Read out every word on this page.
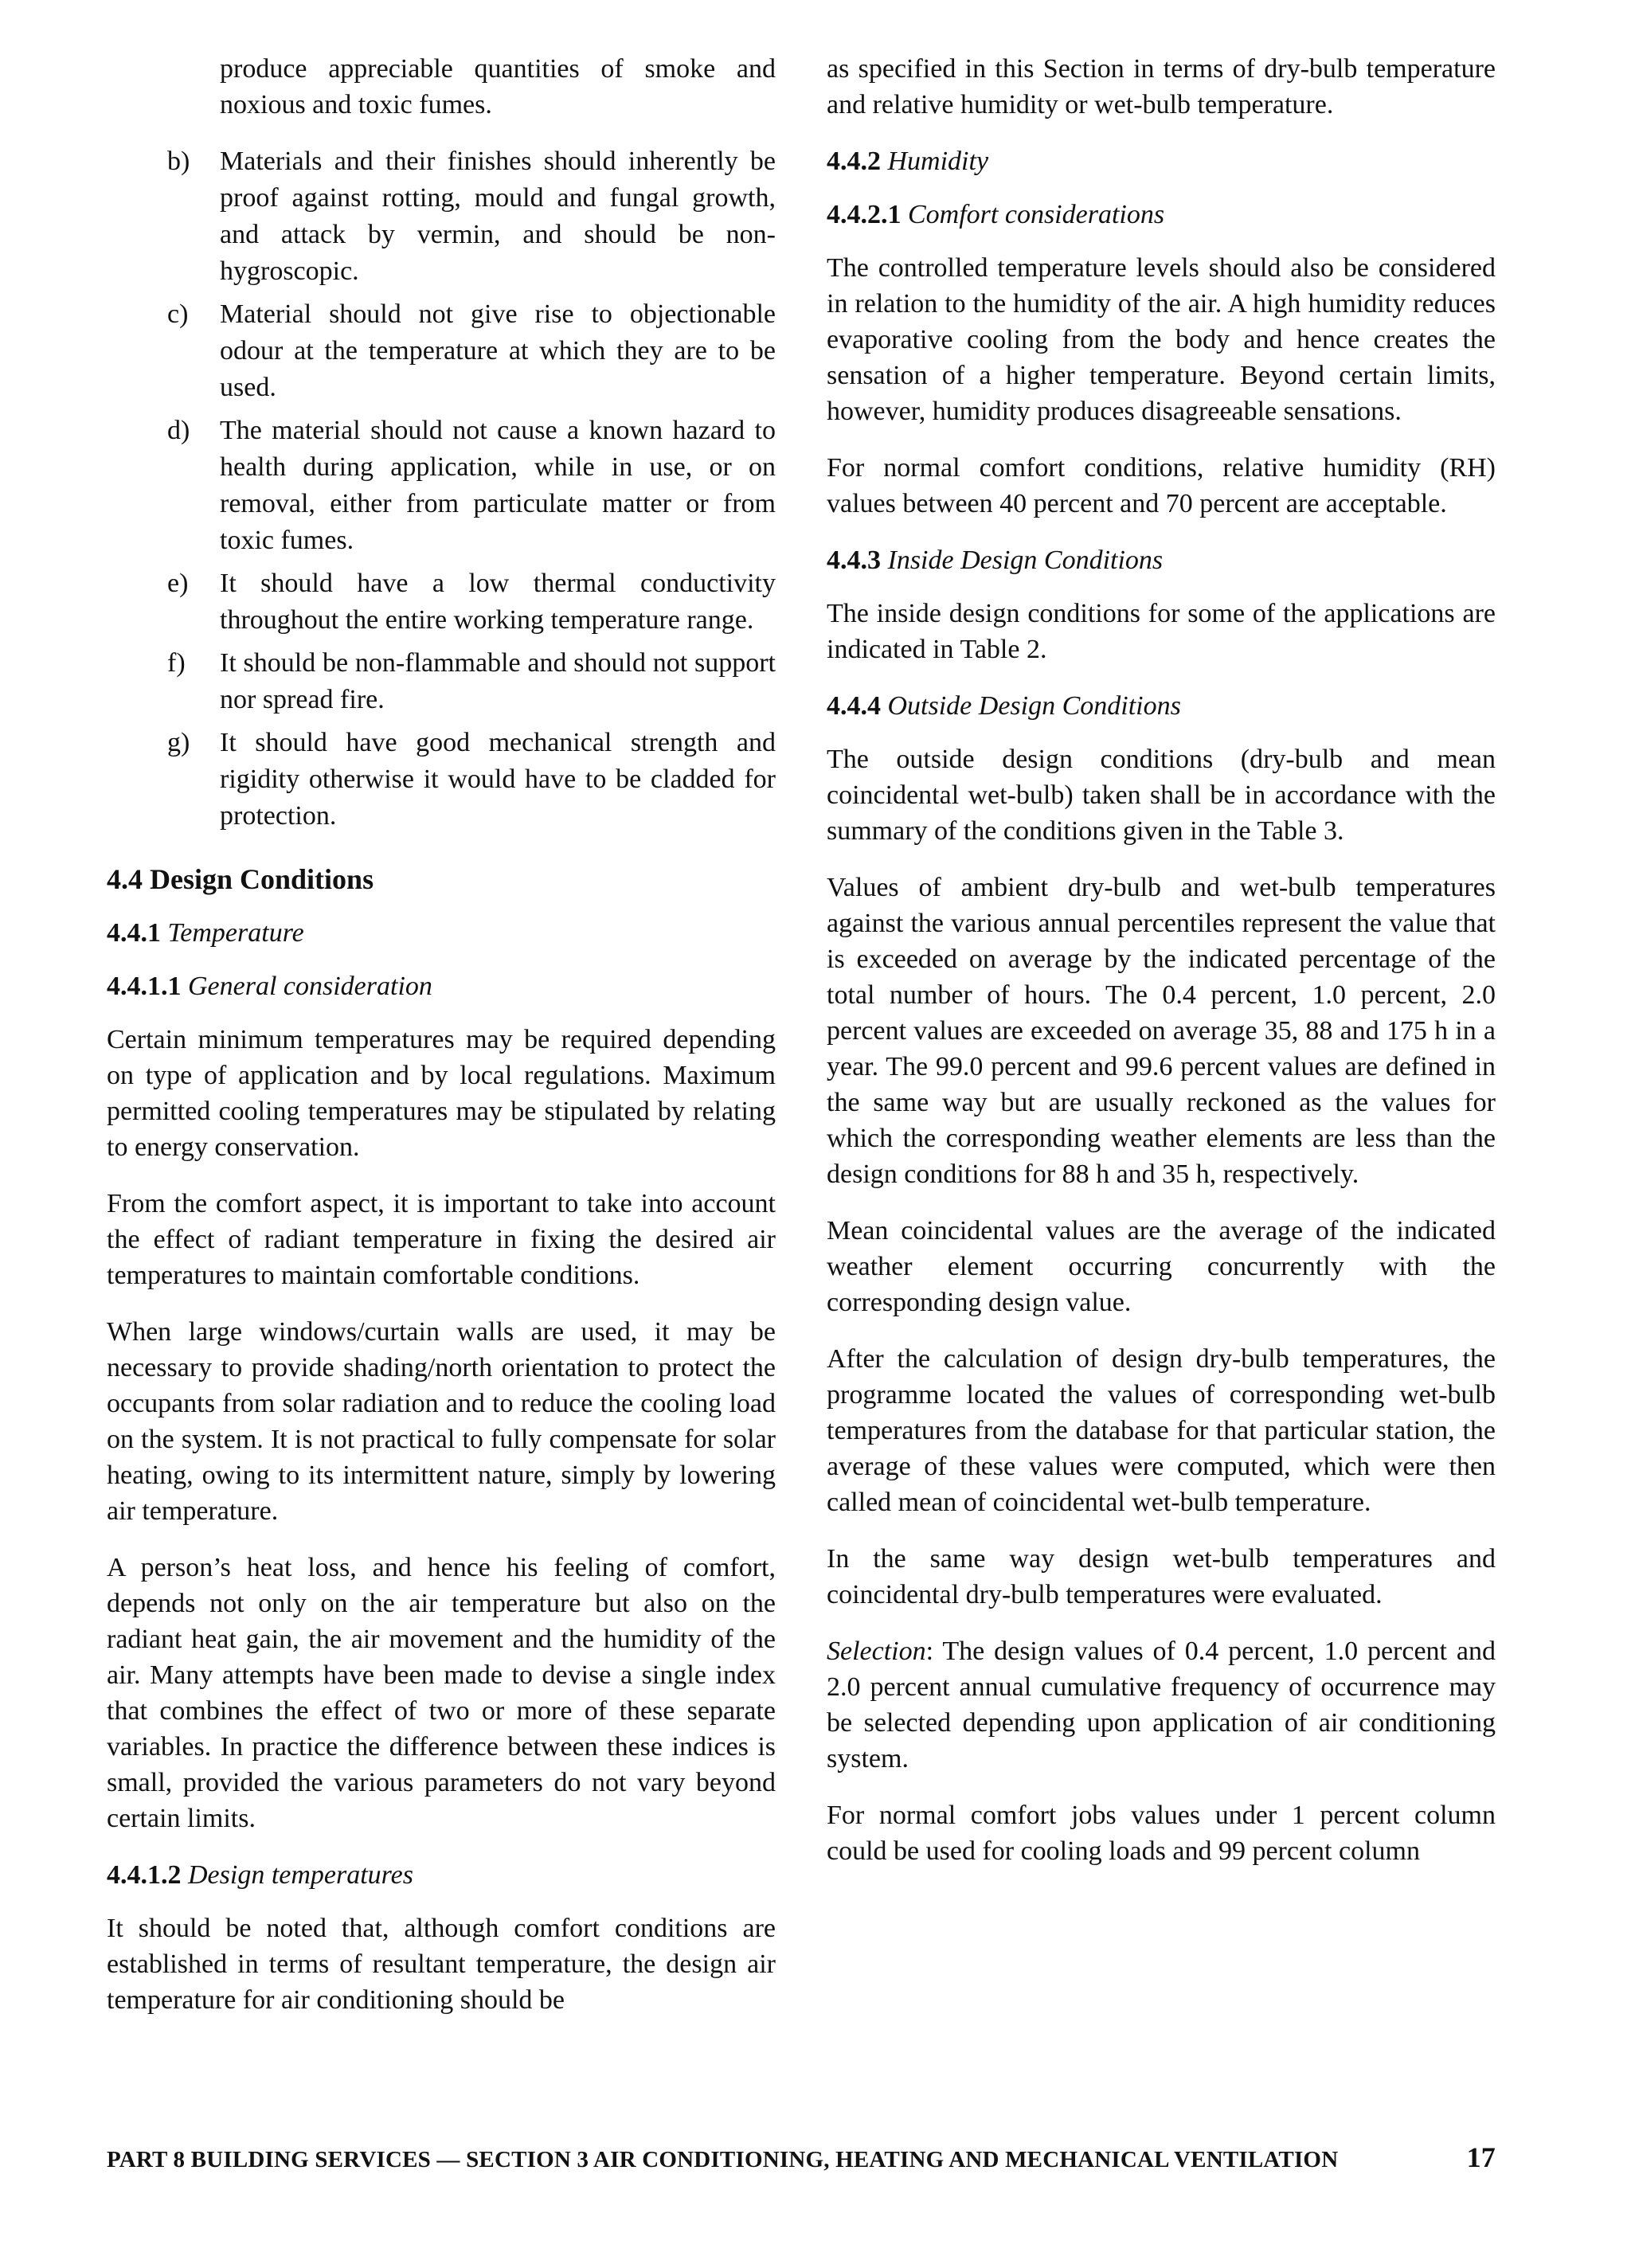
produce appreciable quantities of smoke and noxious and toxic fumes.

b)	Materials and their finishes should inherently be proof against rotting, mould and fungal growth, and attack by vermin, and should be non-hygroscopic.
c)	Material should not give rise to objectionable odour at the temperature at which they are to be used.
d)	The material should not cause a known hazard to health during application, while in use, or on removal, either from particulate matter or from toxic fumes.
e)	It should have a low thermal conductivity throughout the entire working temperature range.
f)	It should be non-flammable and should not support nor spread fire.
g)	It should have good mechanical strength and rigidity otherwise it would have to be cladded for protection.
4.4 Design Conditions
4.4.1 Temperature
4.4.1.1 General consideration

Certain minimum temperatures may be required depending on type of application and by local regulations. Maximum permitted cooling temperatures may be stipulated by relating to energy conservation.

From the comfort aspect, it is important to take into account the effect of radiant temperature in fixing the desired air temperatures to maintain comfortable conditions.

When large windows/curtain walls are used, it may be necessary to provide shading/north orientation to protect the occupants from solar radiation and to reduce the cooling load on the system. It is not practical to fully compensate for solar heating, owing to its intermittent nature, simply by lowering air temperature.

A person’s heat loss, and hence his feeling of comfort, depends not only on the air temperature but also on the radiant heat gain, the air movement and the humidity of the air. Many attempts have been made to devise a single index that combines the effect of two or more of these separate variables. In practice the difference between these indices is small, provided the various parameters do not vary beyond certain limits.

4.4.1.2 Design temperatures

It should be noted that, although comfort conditions are established in terms of resultant temperature, the design air temperature for air conditioning should be

as specified in this Section in terms of dry-bulb temperature and relative humidity or wet-bulb temperature.

4.4.2 Humidity
4.4.2.1 Comfort considerations

The controlled temperature levels should also be considered in relation to the humidity of the air. A high humidity reduces evaporative cooling from the body and hence creates the sensation of a higher temperature. Beyond certain limits, however, humidity produces disagreeable sensations.

For normal comfort conditions, relative humidity (RH) values between 40 percent and 70 percent are acceptable.

4.4.3 Inside Design Conditions

The inside design conditions for some of the applications are indicated in Table 2.

4.4.4 Outside Design Conditions

The outside design conditions (dry-bulb and mean coincidental wet-bulb) taken shall be in accordance with the summary of the conditions given in the Table 3.

Values of ambient dry-bulb and wet-bulb temperatures against the various annual percentiles represent the value that is exceeded on average by the indicated percentage of the total number of hours. The 0.4 percent, 1.0 percent, 2.0 percent values are exceeded on average 35, 88 and 175 h in a year. The 99.0 percent and 99.6 percent values are defined in the same way but are usually reckoned as the values for which the corresponding weather elements are less than the design conditions for 88 h and 35 h, respectively.

Mean coincidental values are the average of the indicated weather element occurring concurrently with the corresponding design value.

After the calculation of design dry-bulb temperatures, the programme located the values of corresponding wet-bulb temperatures from the database for that particular station, the average of these values were computed, which were then called mean of coincidental wet-bulb temperature.

In the same way design wet-bulb temperatures and coincidental dry-bulb temperatures were evaluated.

Selection: The design values of 0.4 percent, 1.0 percent and 2.0 percent annual cumulative frequency of occurrence may be selected depending upon application of air conditioning system.

For normal comfort jobs values under 1 percent column could be used for cooling loads and 99 percent column

PART 8 BUILDING SERVICES — SECTION 3 AIR CONDITIONING, HEATING AND MECHANICAL VENTILATION	17
